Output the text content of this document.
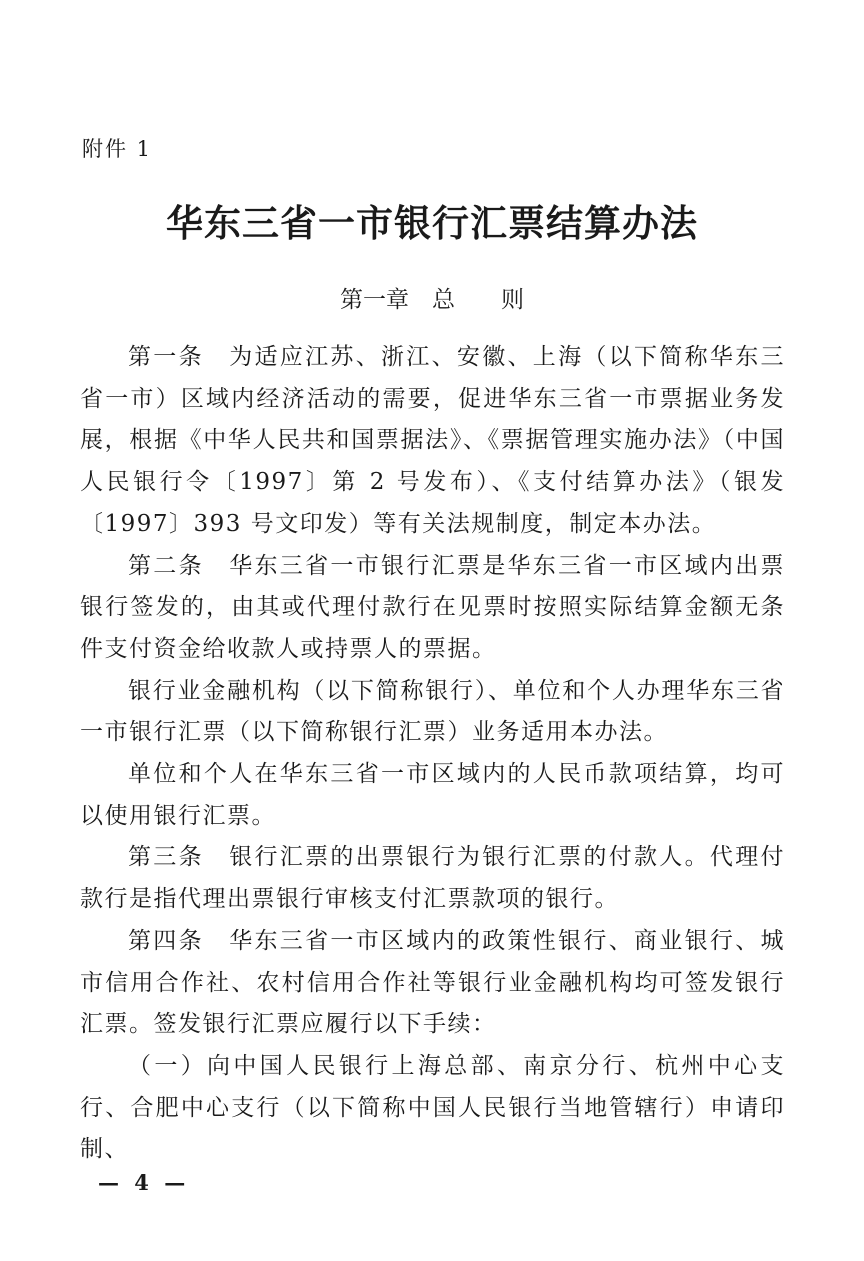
附件 1
华东三省一市银行汇票结算办法
第一章　 总　　则

第一条　为适应江苏、浙江、安徽、上海（以下简称华东三省一市）区域内经济活动的需要，促进华东三省一市票据业务发展，根据《中华人民共和国票据法》、《票据管理实施办法》（中国人民银行令〔1997〕第 2 号发布）、《支付结算办法》（银发〔1997〕393 号文印发）等有关法规制度，制定本办法。

第二条　华东三省一市银行汇票是华东三省一市区域内出票银行签发的，由其或代理付款行在见票时按照实际结算金额无条件支付资金给收款人或持票人的票据。

银行业金融机构（以下简称银行）、单位和个人办理华东三省一市银行汇票（以下简称银行汇票）业务适用本办法。

单位和个人在华东三省一市区域内的人民币款项结算，均可以使用银行汇票。

第三条　银行汇票的出票银行为银行汇票的付款人。代理付款行是指代理出票银行审核支付汇票款项的银行。

第四条　华东三省一市区域内的政策性银行、商业银行、城市信用合作社、农村信用合作社等银行业金融机构均可签发银行汇票。签发银行汇票应履行以下手续：

（一）向中国人民银行上海总部、南京分行、杭州中心支行、合肥中心支行（以下简称中国人民银行当地管辖行）申请印制、

— 4 —
